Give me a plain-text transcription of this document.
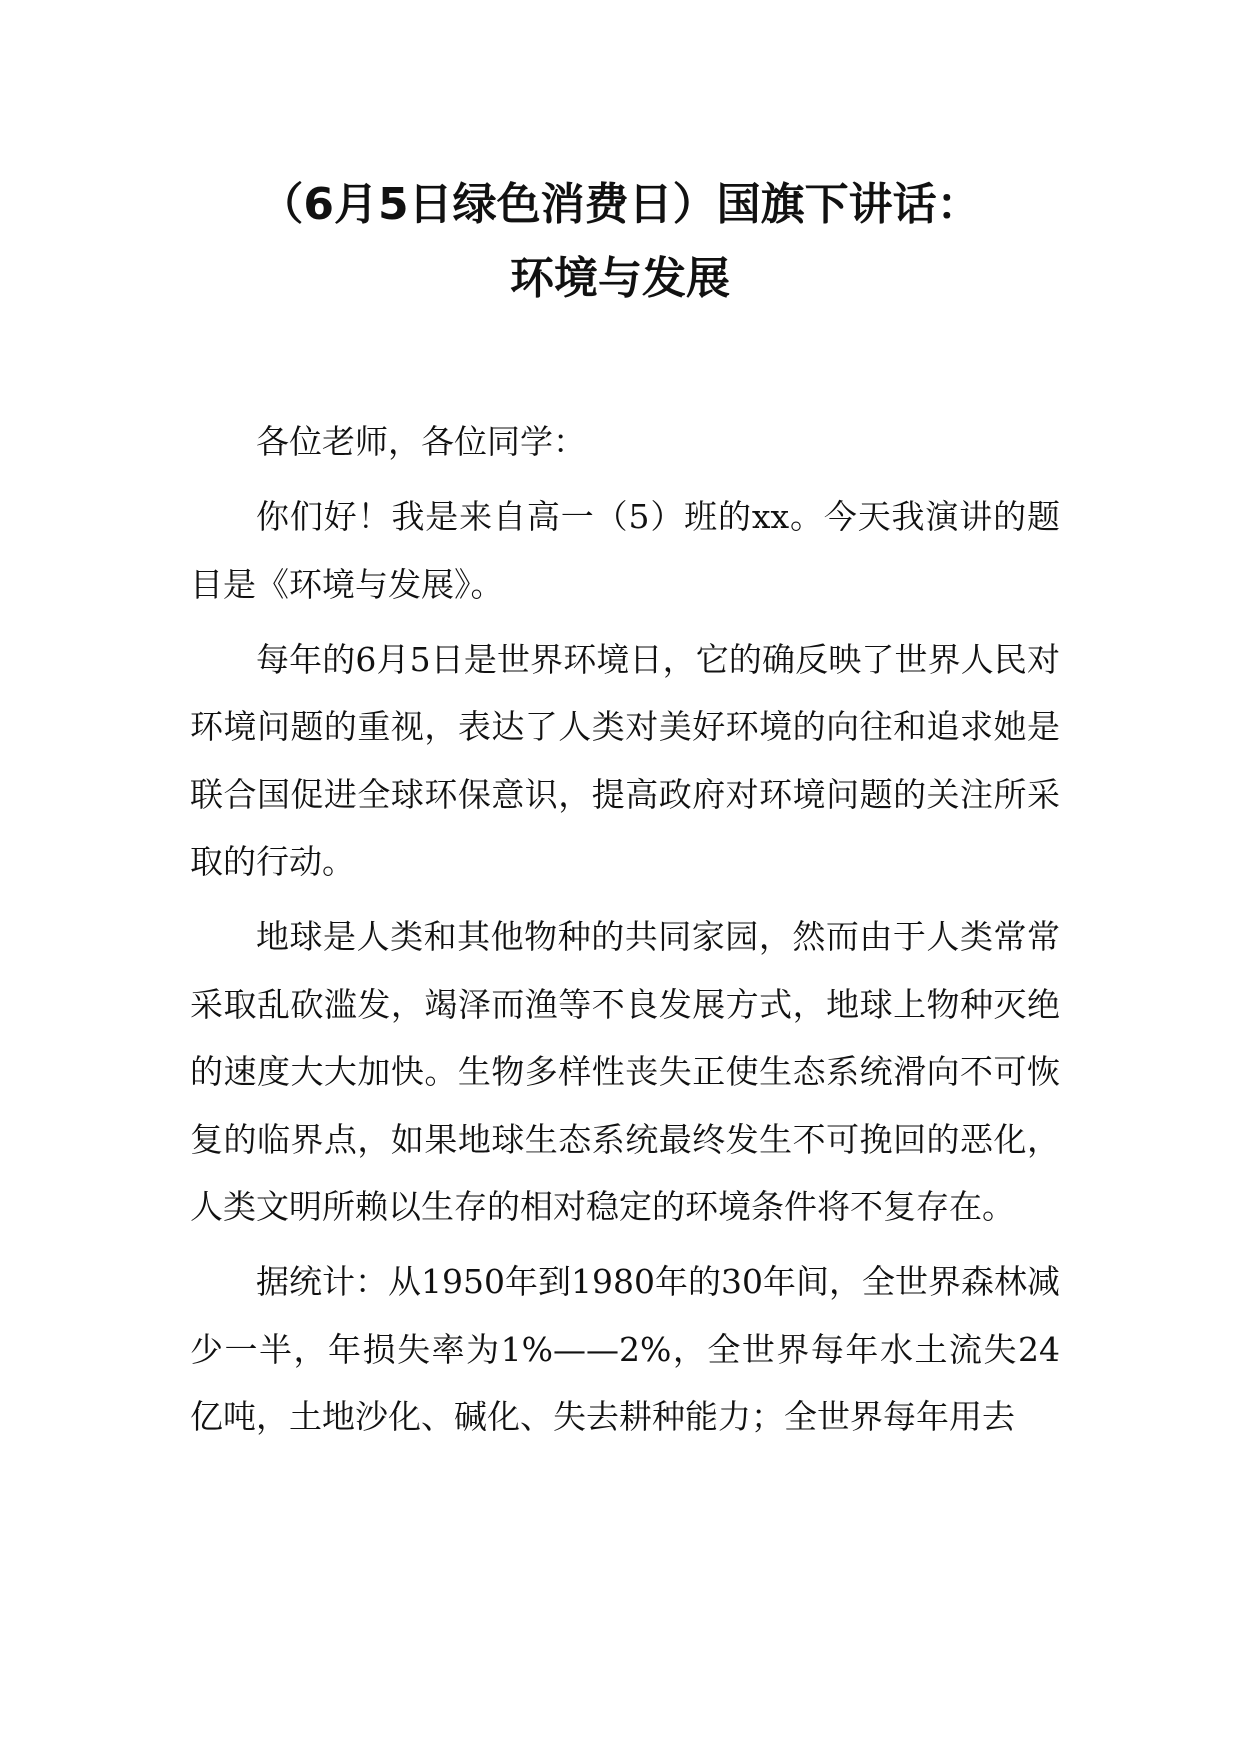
（6月5日绿色消费日）国旗下讲话：
环境与发展

各位老师，各位同学：

你们好！我是来自高一（5）班的xx。今天我演讲的题目是《环境与发展》。

每年的6月5日是世界环境日，它的确反映了世界人民对环境问题的重视，表达了人类对美好环境的向往和追求她是联合国促进全球环保意识，提高政府对环境问题的关注所采取的行动。

地球是人类和其他物种的共同家园，然而由于人类常常采取乱砍滥发，竭泽而渔等不良发展方式，地球上物种灭绝的速度大大加快。生物多样性丧失正使生态系统滑向不可恢复的临界点，如果地球生态系统最终发生不可挽回的恶化，人类文明所赖以生存的相对稳定的环境条件将不复存在。

据统计：从1950年到1980年的30年间，全世界森林减少一半，年损失率为1%——2%，全世界每年水土流失24亿吨，土地沙化、碱化、失去耕种能力；全世界每年用去
